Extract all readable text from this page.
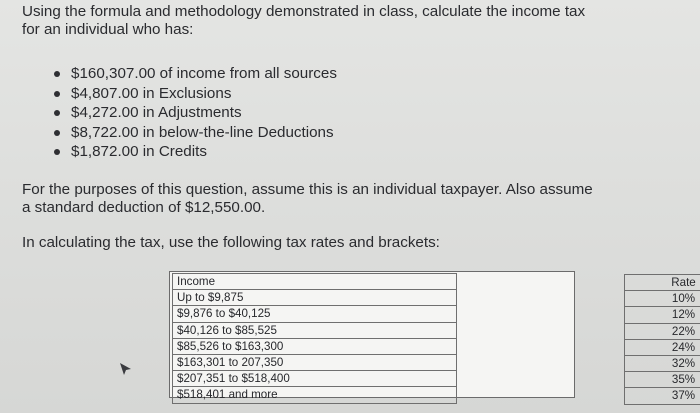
Using the formula and methodology demonstrated in class, calculate the income tax
for an individual who has:

$160,307.00 of income from all sources
$4,807.00 in Exclusions
$4,272.00 in Adjustments
$8,722.00 in below-the-line Deductions
$1,872.00 in Credits

For the purposes of this question, assume this is an individual taxpayer. Also assume
a standard deduction of $12,550.00.

In calculating the tax, use the following tax rates and brackets:

Income
Up to $9,875
$9,876 to $40,125
$40,126 to $85,525
$85,526 to $163,300
$163,301 to 207,350
$207,351 to $518,400
$518,401 and more
Rate
10%
12%
22%
24%
32%
35%
37%
